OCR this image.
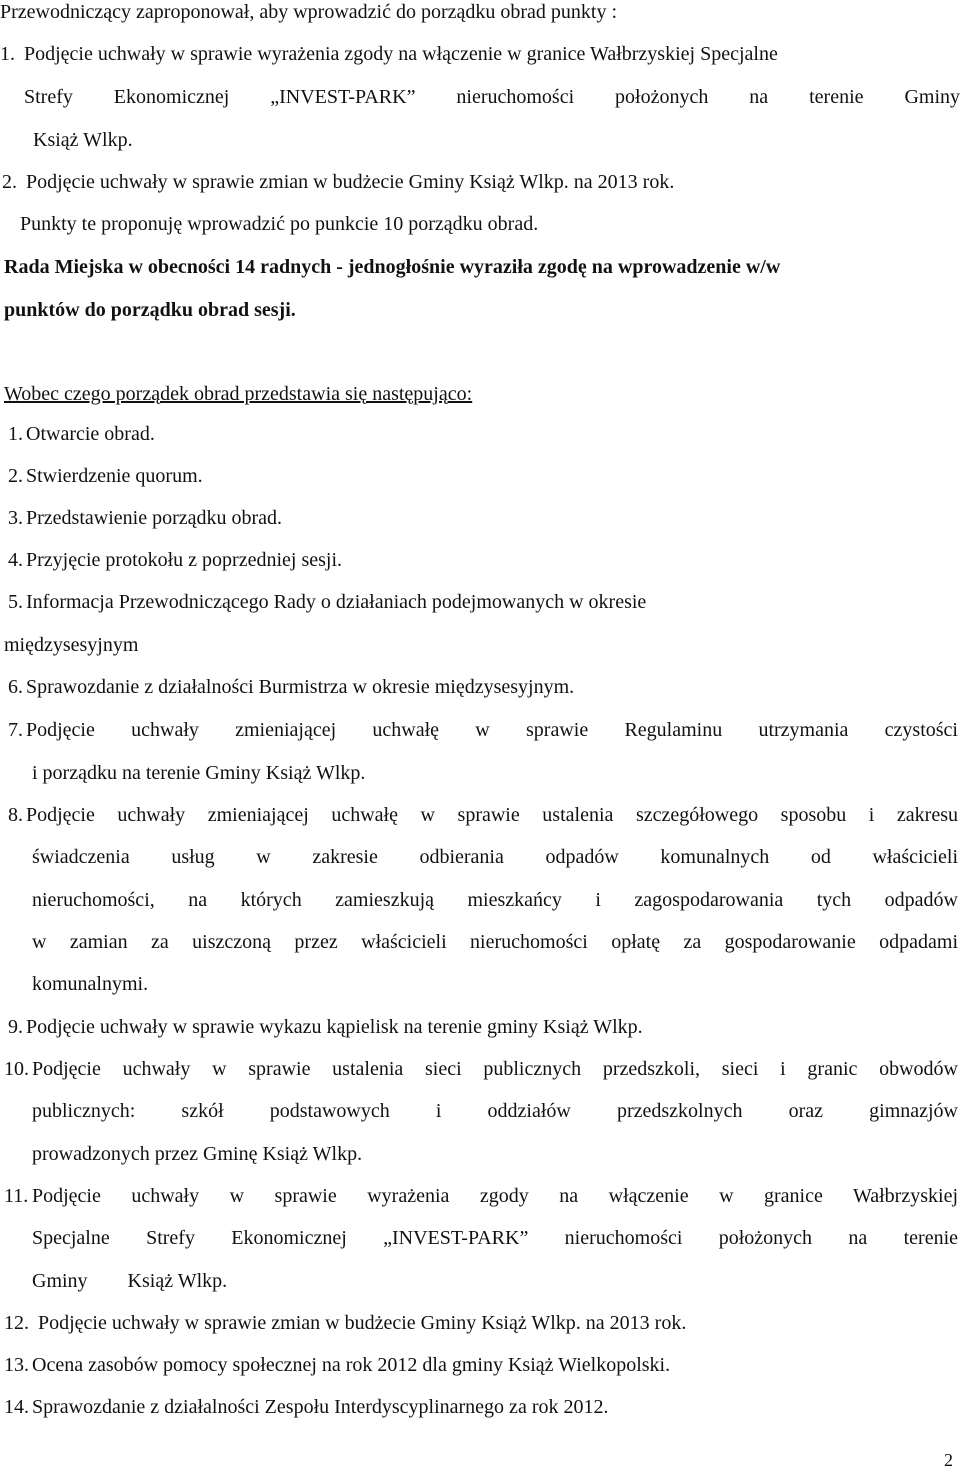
Przewodniczący zaproponował, aby wprowadzić do porządku obrad punkty :
1. Podjęcie uchwały w sprawie wyrażenia zgody na włączenie w granice Wałbrzyskiej Specjalne
Strefy Ekonomicznej „INVEST-PARK” nieruchomości położonych na terenie Gminy
Książ Wlkp.
2. Podjęcie uchwały w sprawie zmian w budżecie Gminy Książ Wlkp. na 2013 rok.
Punkty te proponuję wprowadzić po punkcie 10 porządku obrad.
Rada Miejska w obecności 14 radnych - jednogłośnie wyraziła zgodę na wprowadzenie w/w
punktów do porządku obrad sesji.
Wobec czego porządek obrad przedstawia się następująco:
1. Otwarcie obrad.
2. Stwierdzenie quorum.
3. Przedstawienie porządku obrad.
4. Przyjęcie protokołu z poprzedniej sesji.
5. Informacja Przewodniczącego Rady o działaniach podejmowanych w okresie
międzysesyjnym
6. Sprawozdanie z działalności Burmistrza w okresie międzysesyjnym.
7. Podjęcie uchwały zmieniającej uchwałę w sprawie Regulaminu utrzymania czystości
i porządku na terenie Gminy Książ Wlkp.
8. Podjęcie uchwały zmieniającej uchwałę w sprawie ustalenia szczegółowego sposobu i zakresu
świadczenia usług w zakresie odbierania odpadów komunalnych od właścicieli
nieruchomości, na których zamieszkują mieszkańcy i zagospodarowania tych odpadów
w zamian za uiszczoną przez właścicieli nieruchomości opłatę za gospodarowanie odpadami
komunalnymi.
9. Podjęcie uchwały w sprawie wykazu kąpielisk na terenie gminy Książ Wlkp.
10. Podjęcie uchwały w sprawie ustalenia sieci publicznych przedszkoli, sieci i granic obwodów
publicznych: szkół podstawowych i oddziałów przedszkolnych oraz gimnazjów
prowadzonych przez Gminę Książ Wlkp.
11. Podjęcie uchwały w sprawie wyrażenia zgody na włączenie w granice Wałbrzyskiej
Specjalne Strefy Ekonomicznej „INVEST-PARK” nieruchomości położonych na terenie
Gminy        Książ Wlkp.
12. Podjęcie uchwały w sprawie zmian w budżecie Gminy Książ Wlkp. na 2013 rok.
13. Ocena zasobów pomocy społecznej na rok 2012 dla gminy Książ Wielkopolski.
14. Sprawozdanie z działalności Zespołu Interdyscyplinarnego za rok 2012.
2
